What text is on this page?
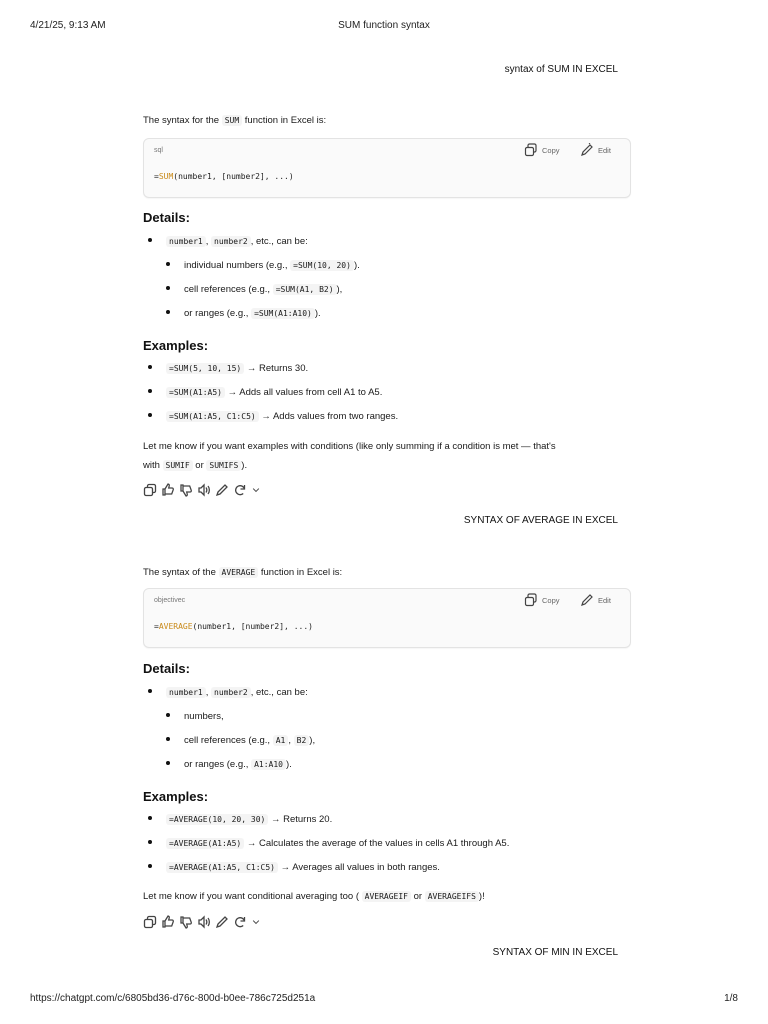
4/21/25, 9:13 AM	SUM function syntax
syntax of SUM IN EXCEL
The syntax for the SUM function in Excel is:
sql	Copy	Edit
=SUM(number1, [number2], ...)
Details:
number1 , number2 , etc., can be:
individual numbers (e.g., =SUM(10, 20) ).
cell references (e.g., =SUM(A1, B2) ),
or ranges (e.g., =SUM(A1:A10) ).
Examples:
=SUM(5, 10, 15) → Returns 30.
=SUM(A1:A5) → Adds all values from cell A1 to A5.
=SUM(A1:A5, C1:C5) → Adds values from two ranges.
Let me know if you want examples with conditions (like only summing if a condition is met — that's
with SUMIF or SUMIFS ).
SYNTAX OF AVERAGE IN EXCEL
The syntax of the AVERAGE function in Excel is:
objectivec	Copy	Edit
=AVERAGE(number1, [number2], ...)
Details:
number1 , number2 , etc., can be:
numbers,
cell references (e.g., A1 , B2 ),
or ranges (e.g., A1:A10 ).
Examples:
=AVERAGE(10, 20, 30) → Returns 20.
=AVERAGE(A1:A5) → Calculates the average of the values in cells A1 through A5.
=AVERAGE(A1:A5, C1:C5) → Averages all values in both ranges.
Let me know if you want conditional averaging too ( AVERAGEIF or AVERAGEIFS )!
SYNTAX OF MIN IN EXCEL
https://chatgpt.com/c/6805bd36-d76c-800d-b0ee-786c725d251a	1/8
